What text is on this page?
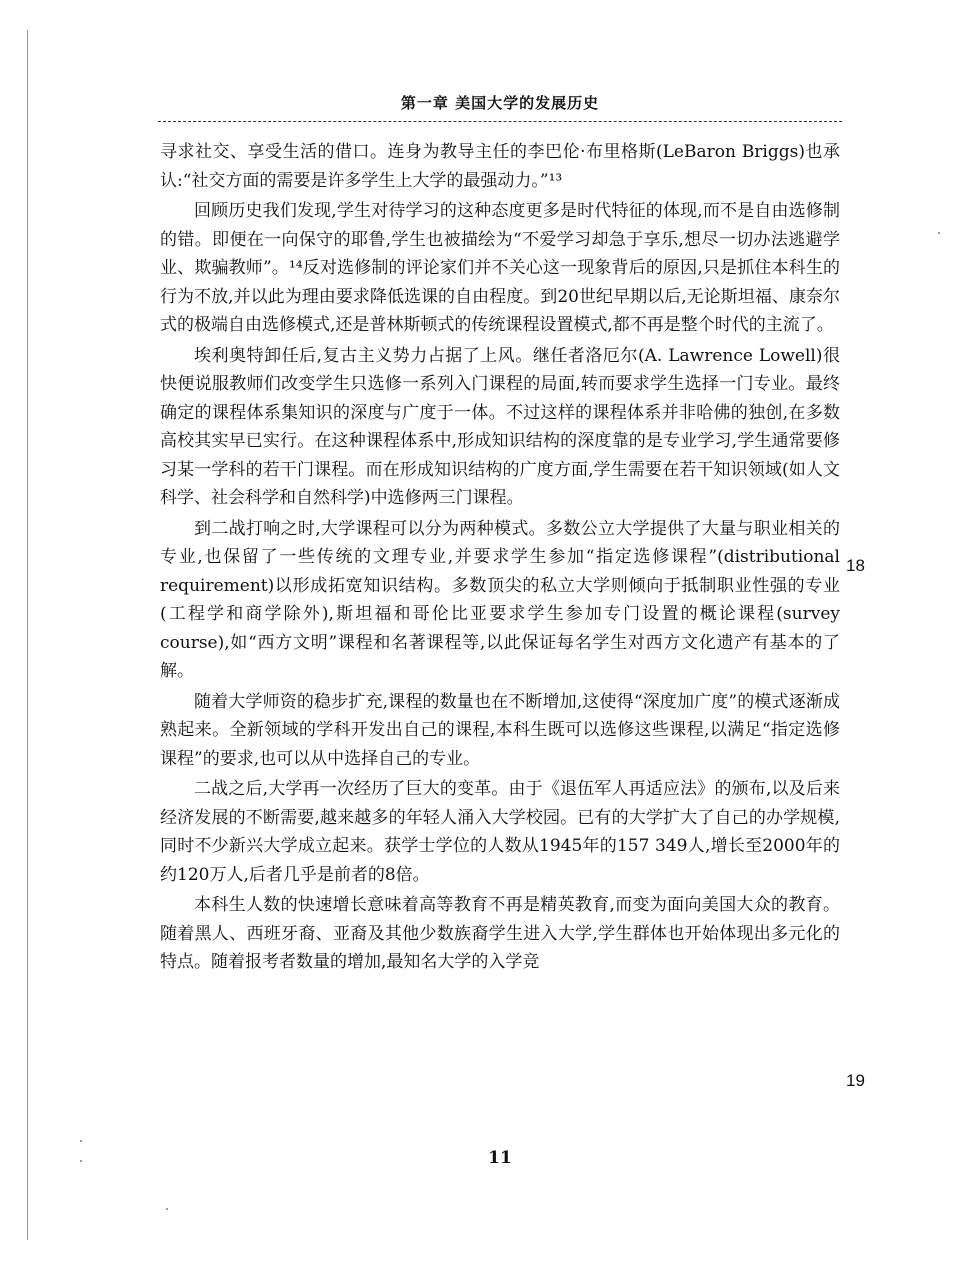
第一章 美国大学的发展历史

寻求社交、享受生活的借口。连身为教导主任的李巴伦·布里格斯(LeBaron Briggs)也承认:“社交方面的需要是许多学生上大学的最强动力。”¹³

回顾历史我们发现,学生对待学习的这种态度更多是时代特征的体现,而不是自由选修制的错。即便在一向保守的耶鲁,学生也被描绘为“不爱学习却急于享乐,想尽一切办法逃避学业、欺骗教师”。¹⁴反对选修制的评论家们并不关心这一现象背后的原因,只是抓住本科生的行为不放,并以此为理由要求降低选课的自由程度。到20世纪早期以后,无论斯坦福、康奈尔式的极端自由选修模式,还是普林斯顿式的传统课程设置模式,都不再是整个时代的主流了。

埃利奥特卸任后,复古主义势力占据了上风。继任者洛厄尔(A. Lawrence Lowell)很快便说服教师们改变学生只选修一系列入门课程的局面,转而要求学生选择一门专业。最终确定的课程体系集知识的深度与广度于一体。不过这样的课程体系并非哈佛的独创,在多数高校其实早已实行。在这种课程体系中,形成知识结构的深度靠的是专业学习,学生通常要修习某一学科的若干门课程。而在形成知识结构的广度方面,学生需要在若干知识领域(如人文科学、社会科学和自然科学)中选修两三门课程。

到二战打响之时,大学课程可以分为两种模式。多数公立大学提供了大量与职业相关的专业,也保留了一些传统的文理专业,并要求学生参加“指定选修课程”(distributional requirement)以形成拓宽知识结构。多数顶尖的私立大学则倾向于抵制职业性强的专业(工程学和商学除外),斯坦福和哥伦比亚要求学生参加专门设置的概论课程(survey course),如“西方文明”课程和名著课程等,以此保证每名学生对西方文化遗产有基本的了解。

随着大学师资的稳步扩充,课程的数量也在不断增加,这使得“深度加广度”的模式逐渐成熟起来。全新领域的学科开发出自己的课程,本科生既可以选修这些课程,以满足“指定选修课程”的要求,也可以从中选择自己的专业。

二战之后,大学再一次经历了巨大的变革。由于《退伍军人再适应法》的颁布,以及后来经济发展的不断需要,越来越多的年轻人涌入大学校园。已有的大学扩大了自己的办学规模,同时不少新兴大学成立起来。获学士学位的人数从1945年的157 349人,增长至2000年的约120万人,后者几乎是前者的8倍。

本科生人数的快速增长意味着高等教育不再是精英教育,而变为面向美国大众的教育。随着黑人、西班牙裔、亚裔及其他少数族裔学生进入大学,学生群体也开始体现出多元化的特点。随着报考者数量的增加,最知名大学的入学竞

18
19
11
